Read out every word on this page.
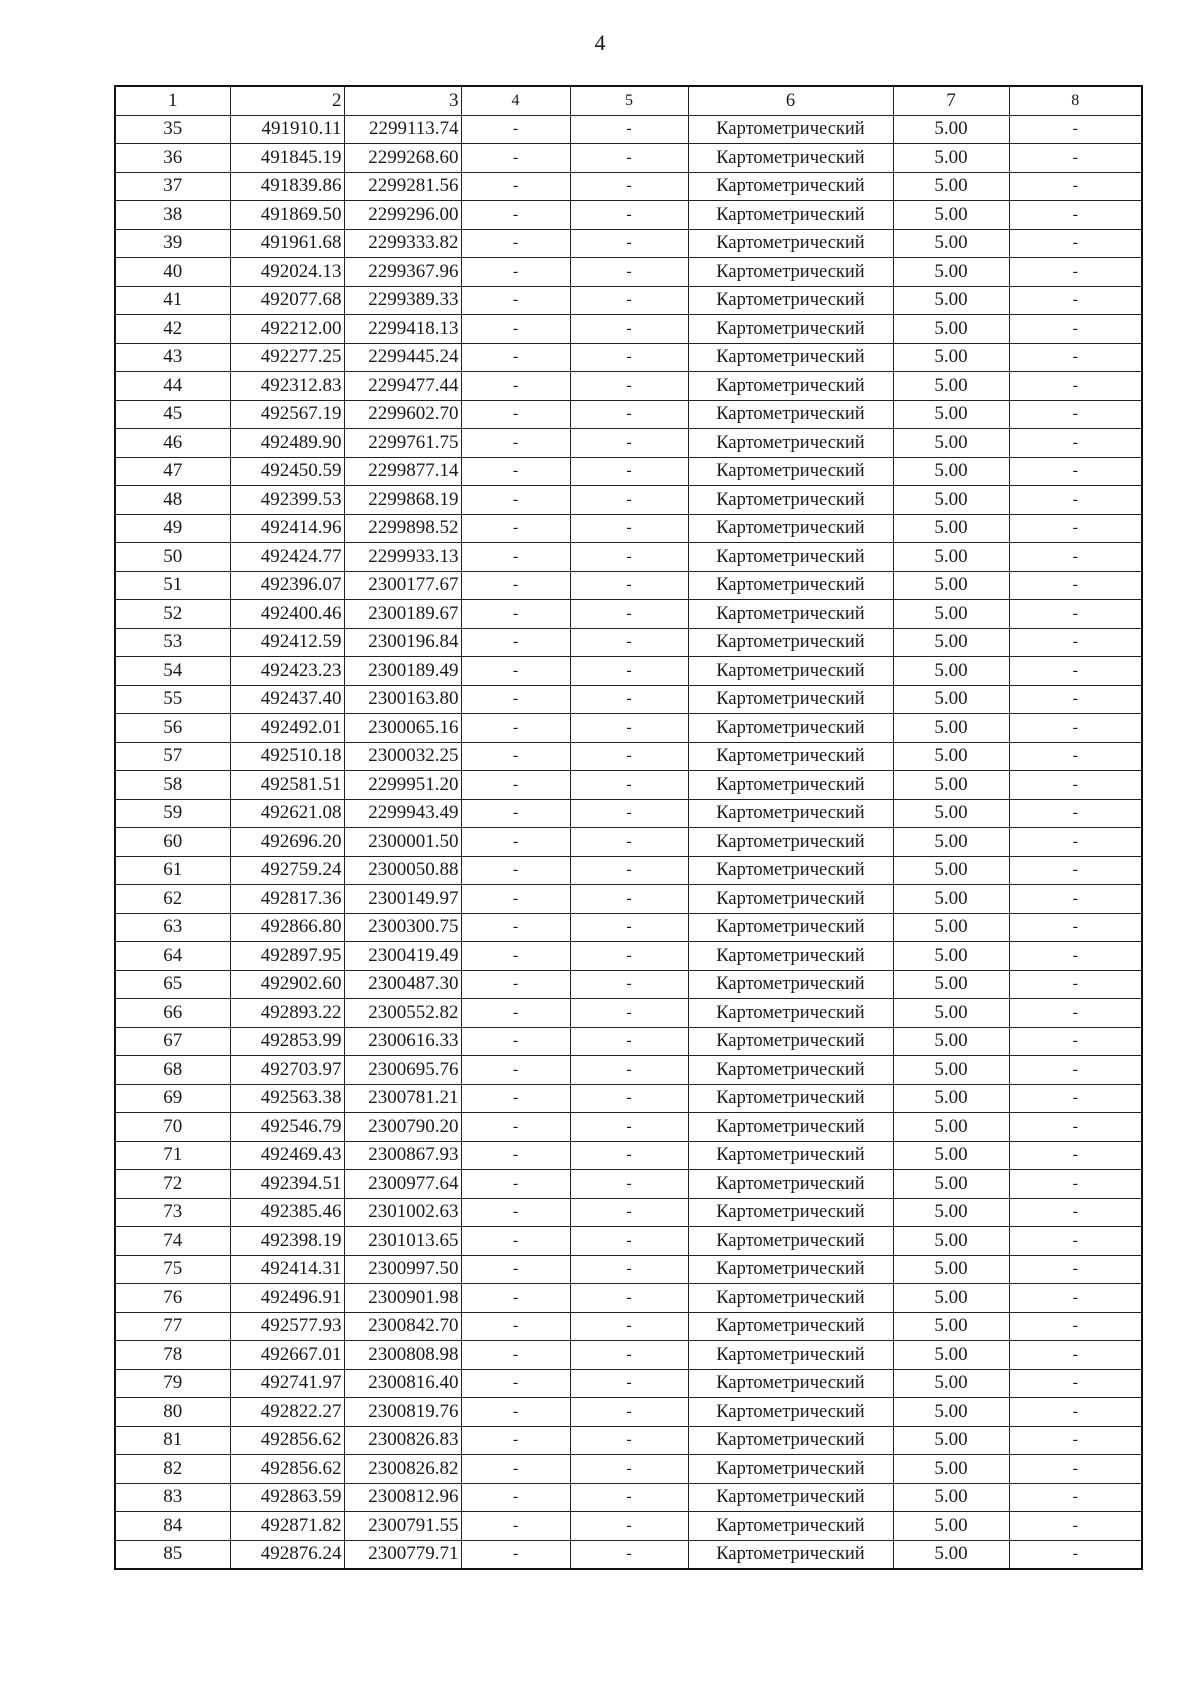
4
1	2	3	4	5	6	7	8
35	491910.11	2299113.74	-	-	Картометрический	5.00	-
36	491845.19	2299268.60	-	-	Картометрический	5.00	-
37	491839.86	2299281.56	-	-	Картометрический	5.00	-
38	491869.50	2299296.00	-	-	Картометрический	5.00	-
39	491961.68	2299333.82	-	-	Картометрический	5.00	-
40	492024.13	2299367.96	-	-	Картометрический	5.00	-
41	492077.68	2299389.33	-	-	Картометрический	5.00	-
42	492212.00	2299418.13	-	-	Картометрический	5.00	-
43	492277.25	2299445.24	-	-	Картометрический	5.00	-
44	492312.83	2299477.44	-	-	Картометрический	5.00	-
45	492567.19	2299602.70	-	-	Картометрический	5.00	-
46	492489.90	2299761.75	-	-	Картометрический	5.00	-
47	492450.59	2299877.14	-	-	Картометрический	5.00	-
48	492399.53	2299868.19	-	-	Картометрический	5.00	-
49	492414.96	2299898.52	-	-	Картометрический	5.00	-
50	492424.77	2299933.13	-	-	Картометрический	5.00	-
51	492396.07	2300177.67	-	-	Картометрический	5.00	-
52	492400.46	2300189.67	-	-	Картометрический	5.00	-
53	492412.59	2300196.84	-	-	Картометрический	5.00	-
54	492423.23	2300189.49	-	-	Картометрический	5.00	-
55	492437.40	2300163.80	-	-	Картометрический	5.00	-
56	492492.01	2300065.16	-	-	Картометрический	5.00	-
57	492510.18	2300032.25	-	-	Картометрический	5.00	-
58	492581.51	2299951.20	-	-	Картометрический	5.00	-
59	492621.08	2299943.49	-	-	Картометрический	5.00	-
60	492696.20	2300001.50	-	-	Картометрический	5.00	-
61	492759.24	2300050.88	-	-	Картометрический	5.00	-
62	492817.36	2300149.97	-	-	Картометрический	5.00	-
63	492866.80	2300300.75	-	-	Картометрический	5.00	-
64	492897.95	2300419.49	-	-	Картометрический	5.00	-
65	492902.60	2300487.30	-	-	Картометрический	5.00	-
66	492893.22	2300552.82	-	-	Картометрический	5.00	-
67	492853.99	2300616.33	-	-	Картометрический	5.00	-
68	492703.97	2300695.76	-	-	Картометрический	5.00	-
69	492563.38	2300781.21	-	-	Картометрический	5.00	-
70	492546.79	2300790.20	-	-	Картометрический	5.00	-
71	492469.43	2300867.93	-	-	Картометрический	5.00	-
72	492394.51	2300977.64	-	-	Картометрический	5.00	-
73	492385.46	2301002.63	-	-	Картометрический	5.00	-
74	492398.19	2301013.65	-	-	Картометрический	5.00	-
75	492414.31	2300997.50	-	-	Картометрический	5.00	-
76	492496.91	2300901.98	-	-	Картометрический	5.00	-
77	492577.93	2300842.70	-	-	Картометрический	5.00	-
78	492667.01	2300808.98	-	-	Картометрический	5.00	-
79	492741.97	2300816.40	-	-	Картометрический	5.00	-
80	492822.27	2300819.76	-	-	Картометрический	5.00	-
81	492856.62	2300826.83	-	-	Картометрический	5.00	-
82	492856.62	2300826.82	-	-	Картометрический	5.00	-
83	492863.59	2300812.96	-	-	Картометрический	5.00	-
84	492871.82	2300791.55	-	-	Картометрический	5.00	-
85	492876.24	2300779.71	-	-	Картометрический	5.00	-
